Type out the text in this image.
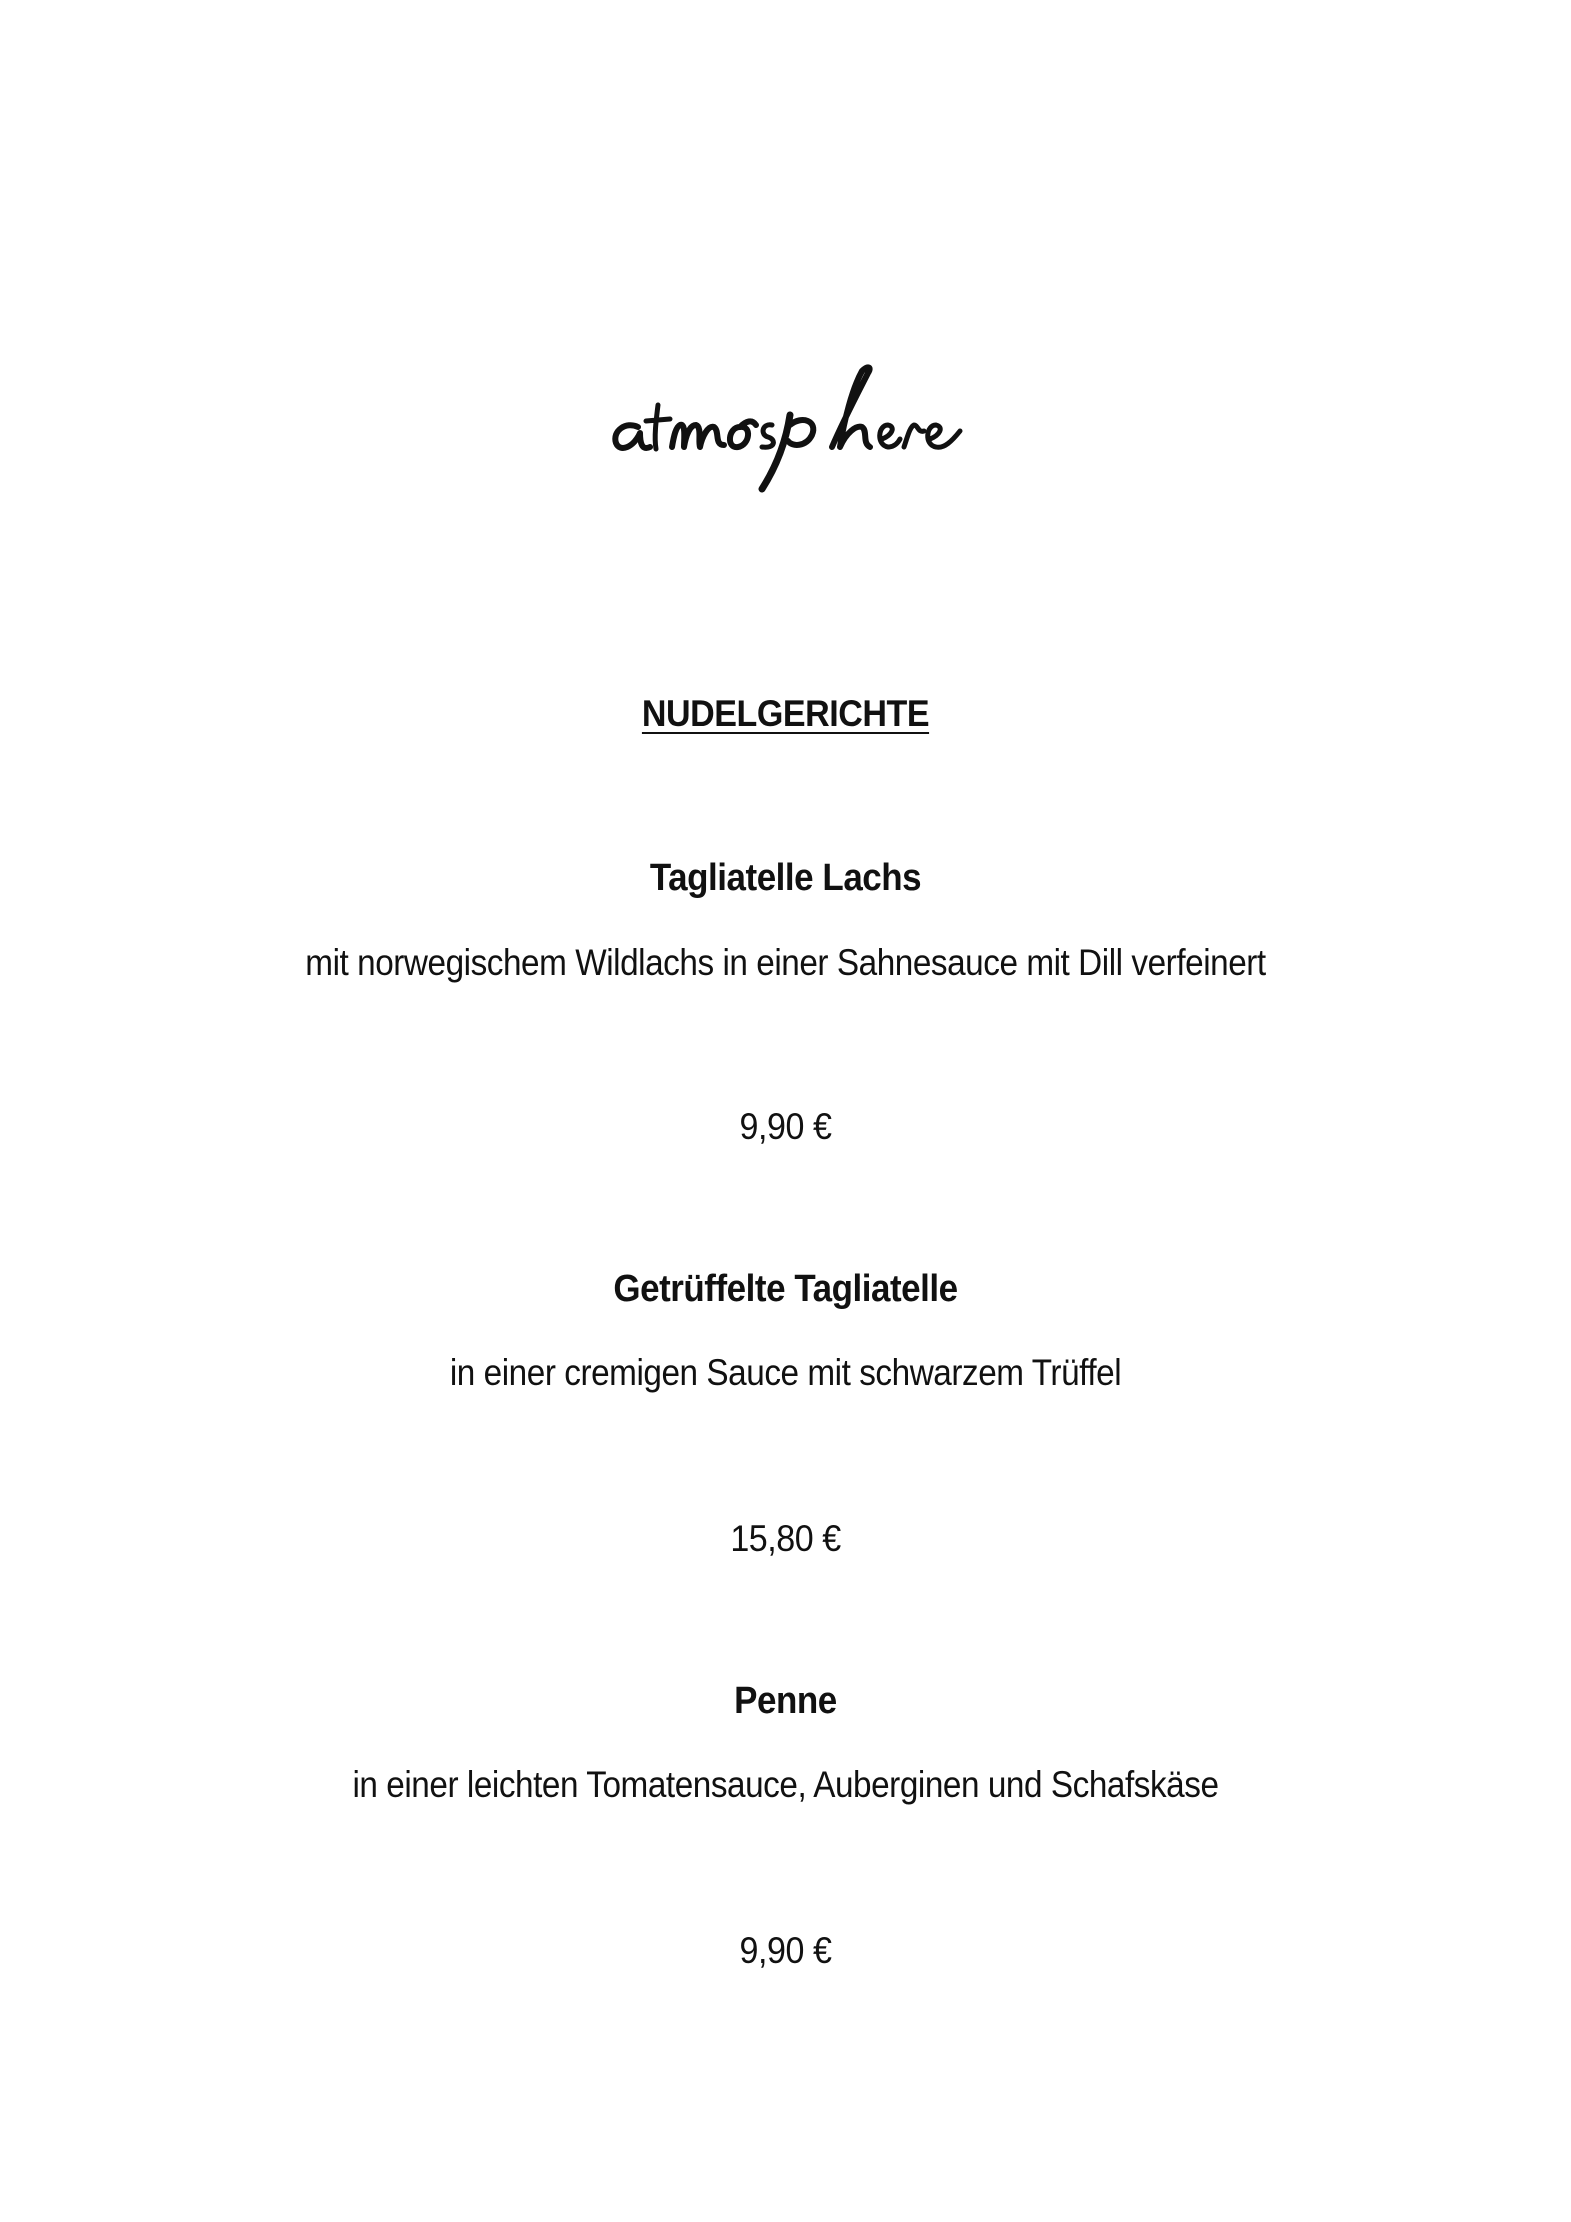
NUDELGERICHTE
Tagliatelle Lachs
mit norwegischem Wildlachs in einer Sahnesauce mit Dill verfeinert
9,90 €
Getrüffelte Tagliatelle
in einer cremigen Sauce mit schwarzem Trüffel
15,80 €
Penne
in einer leichten Tomatensauce, Auberginen und Schafskäse
9,90 €
